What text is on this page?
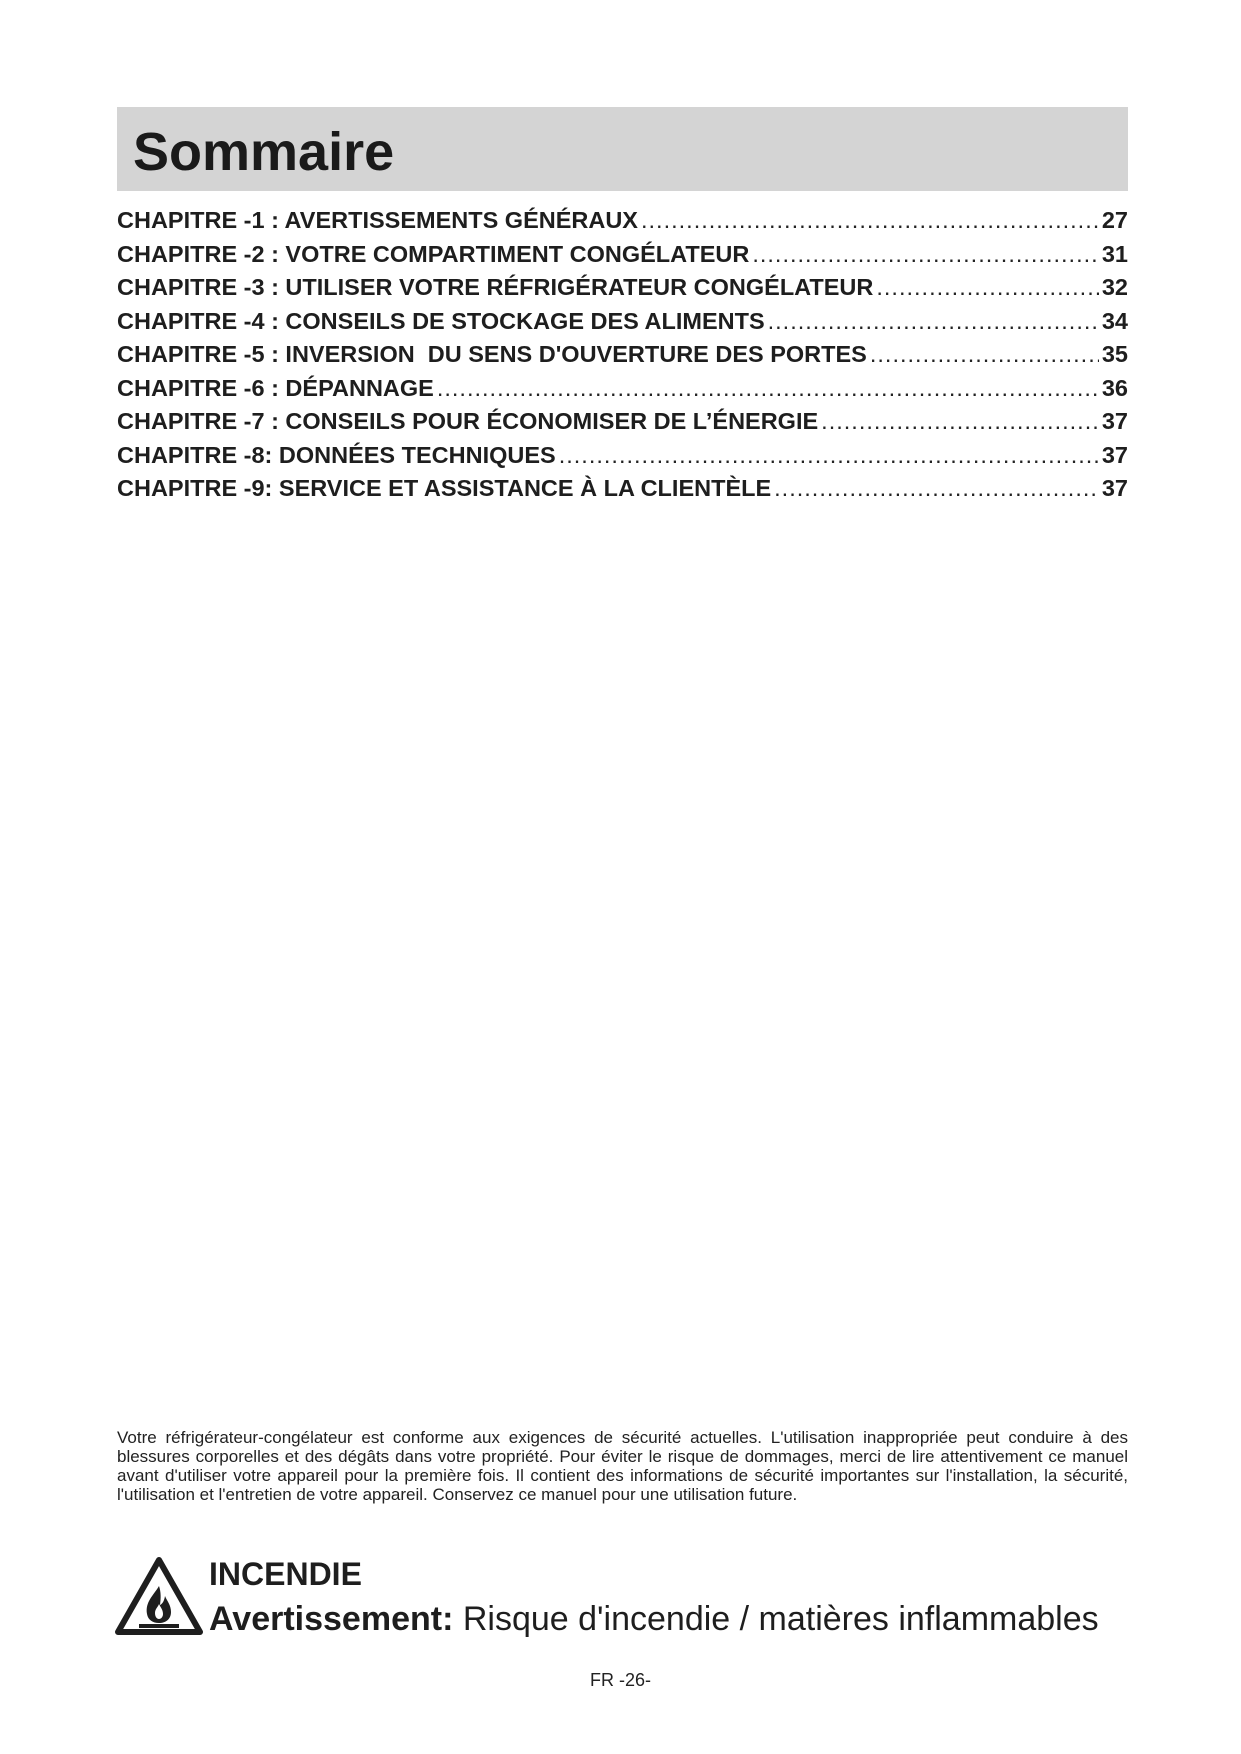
Sommaire
CHAPITRE -1 : AVERTISSEMENTS GÉNÉRAUX .....	27
CHAPITRE -2 : VOTRE COMPARTIMENT CONGÉLATEUR .....	31
CHAPITRE -3 : UTILISER VOTRE RÉFRIGÉRATEUR CONGÉLATEUR .....	32
CHAPITRE -4 : CONSEILS DE STOCKAGE DES ALIMENTS .....	34
CHAPITRE -5 : INVERSION  DU SENS D'OUVERTURE DES PORTES .....	35
CHAPITRE -6 : DÉPANNAGE .....	36
CHAPITRE -7 : CONSEILS POUR ÉCONOMISER DE L’ÉNERGIE .....	37
CHAPITRE -8: DONNÉES TECHNIQUES .....	37
CHAPITRE -9: SERVICE ET ASSISTANCE À LA CLIENTÈLE .....	37
Votre réfrigérateur-congélateur est conforme aux exigences de sécurité actuelles. L'utilisation inappropriée peut conduire à des blessures corporelles et des dégâts dans votre propriété. Pour éviter le risque de dommages, merci de lire attentivement ce manuel avant d'utiliser votre appareil pour la première fois. Il contient des informations de sécurité importantes sur l'installation, la sécurité, l'utilisation et l'entretien de votre appareil. Conservez ce manuel pour une utilisation future.
INCENDIE
Avertissement: Risque d'incendie / matières inflammables
FR -26-
